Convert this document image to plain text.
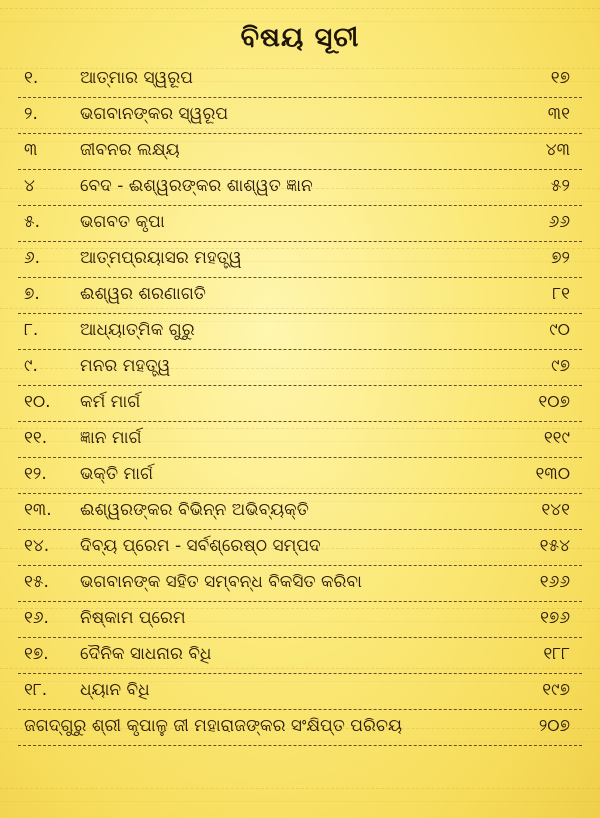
ବିଷୟ ସୂଚୀ
୧. ଆତ୍ମାର ସ୍ୱରୂପ	୧୭
୨. ଭଗବାନଙ୍କର ସ୍ୱରୂପ	୩୧
୩	ଜୀବନର ଲକ୍ଷ୍ୟ	୪୩
୪	ବେଦ - ଈଶ୍ୱରଙ୍କର ଶାଶ୍ୱତ ଜ୍ଞାନ	୫୨
୫. ଭଗବତ କୃପା	୬୬
୬. ଆତ୍ମପ୍ରୟାସର ମହତ୍ତ୍ୱ	୭୨
୭. ଈଶ୍ୱର ଶରଣାଗତି	୮୧
୮. ଆଧ୍ୟାତ୍ମିକ ଗୁରୁ	୯୦
୯. ମନର ମହତ୍ତ୍ୱ	୯୭
୧୦. କର୍ମ ମାର୍ଗ	୧୦୭
୧୧. ଜ୍ଞାନ ମାର୍ଗ	୧୧୯
୧୨. ଭକ୍ତି ମାର୍ଗ	୧୩୦
୧୩. ଈଶ୍ୱରଙ୍କର ବିଭିନ୍ନ ଅଭିବ୍ୟକ୍ତି	୧୪୧
୧୪. ଦିବ୍ୟ ପ୍ରେମ - ସର୍ବଶ୍ରେଷ୍ଠ ସମ୍ପଦ	୧୫୪
୧୫. ଭଗବାନଙ୍କ ସହିତ ସମ୍ବନ୍ଧ ବିକସିତ କରିବା	୧୬୬
୧୬. ନିଷ୍କାମ ପ୍ରେମ	୧୭୬
୧୭. ଦୈନିକ ସାଧନାର ବିଧି	୧୮୮
୧୮. ଧ୍ୟାନ ବିଧି	୧୯୭
ଜଗଦ୍ଗୁରୁ ଶ୍ରୀ କୃପାଳୁ ଜୀ ମହାରାଜଙ୍କର ସଂକ୍ଷିପ୍ତ ପରିଚୟ	୨୦୭
